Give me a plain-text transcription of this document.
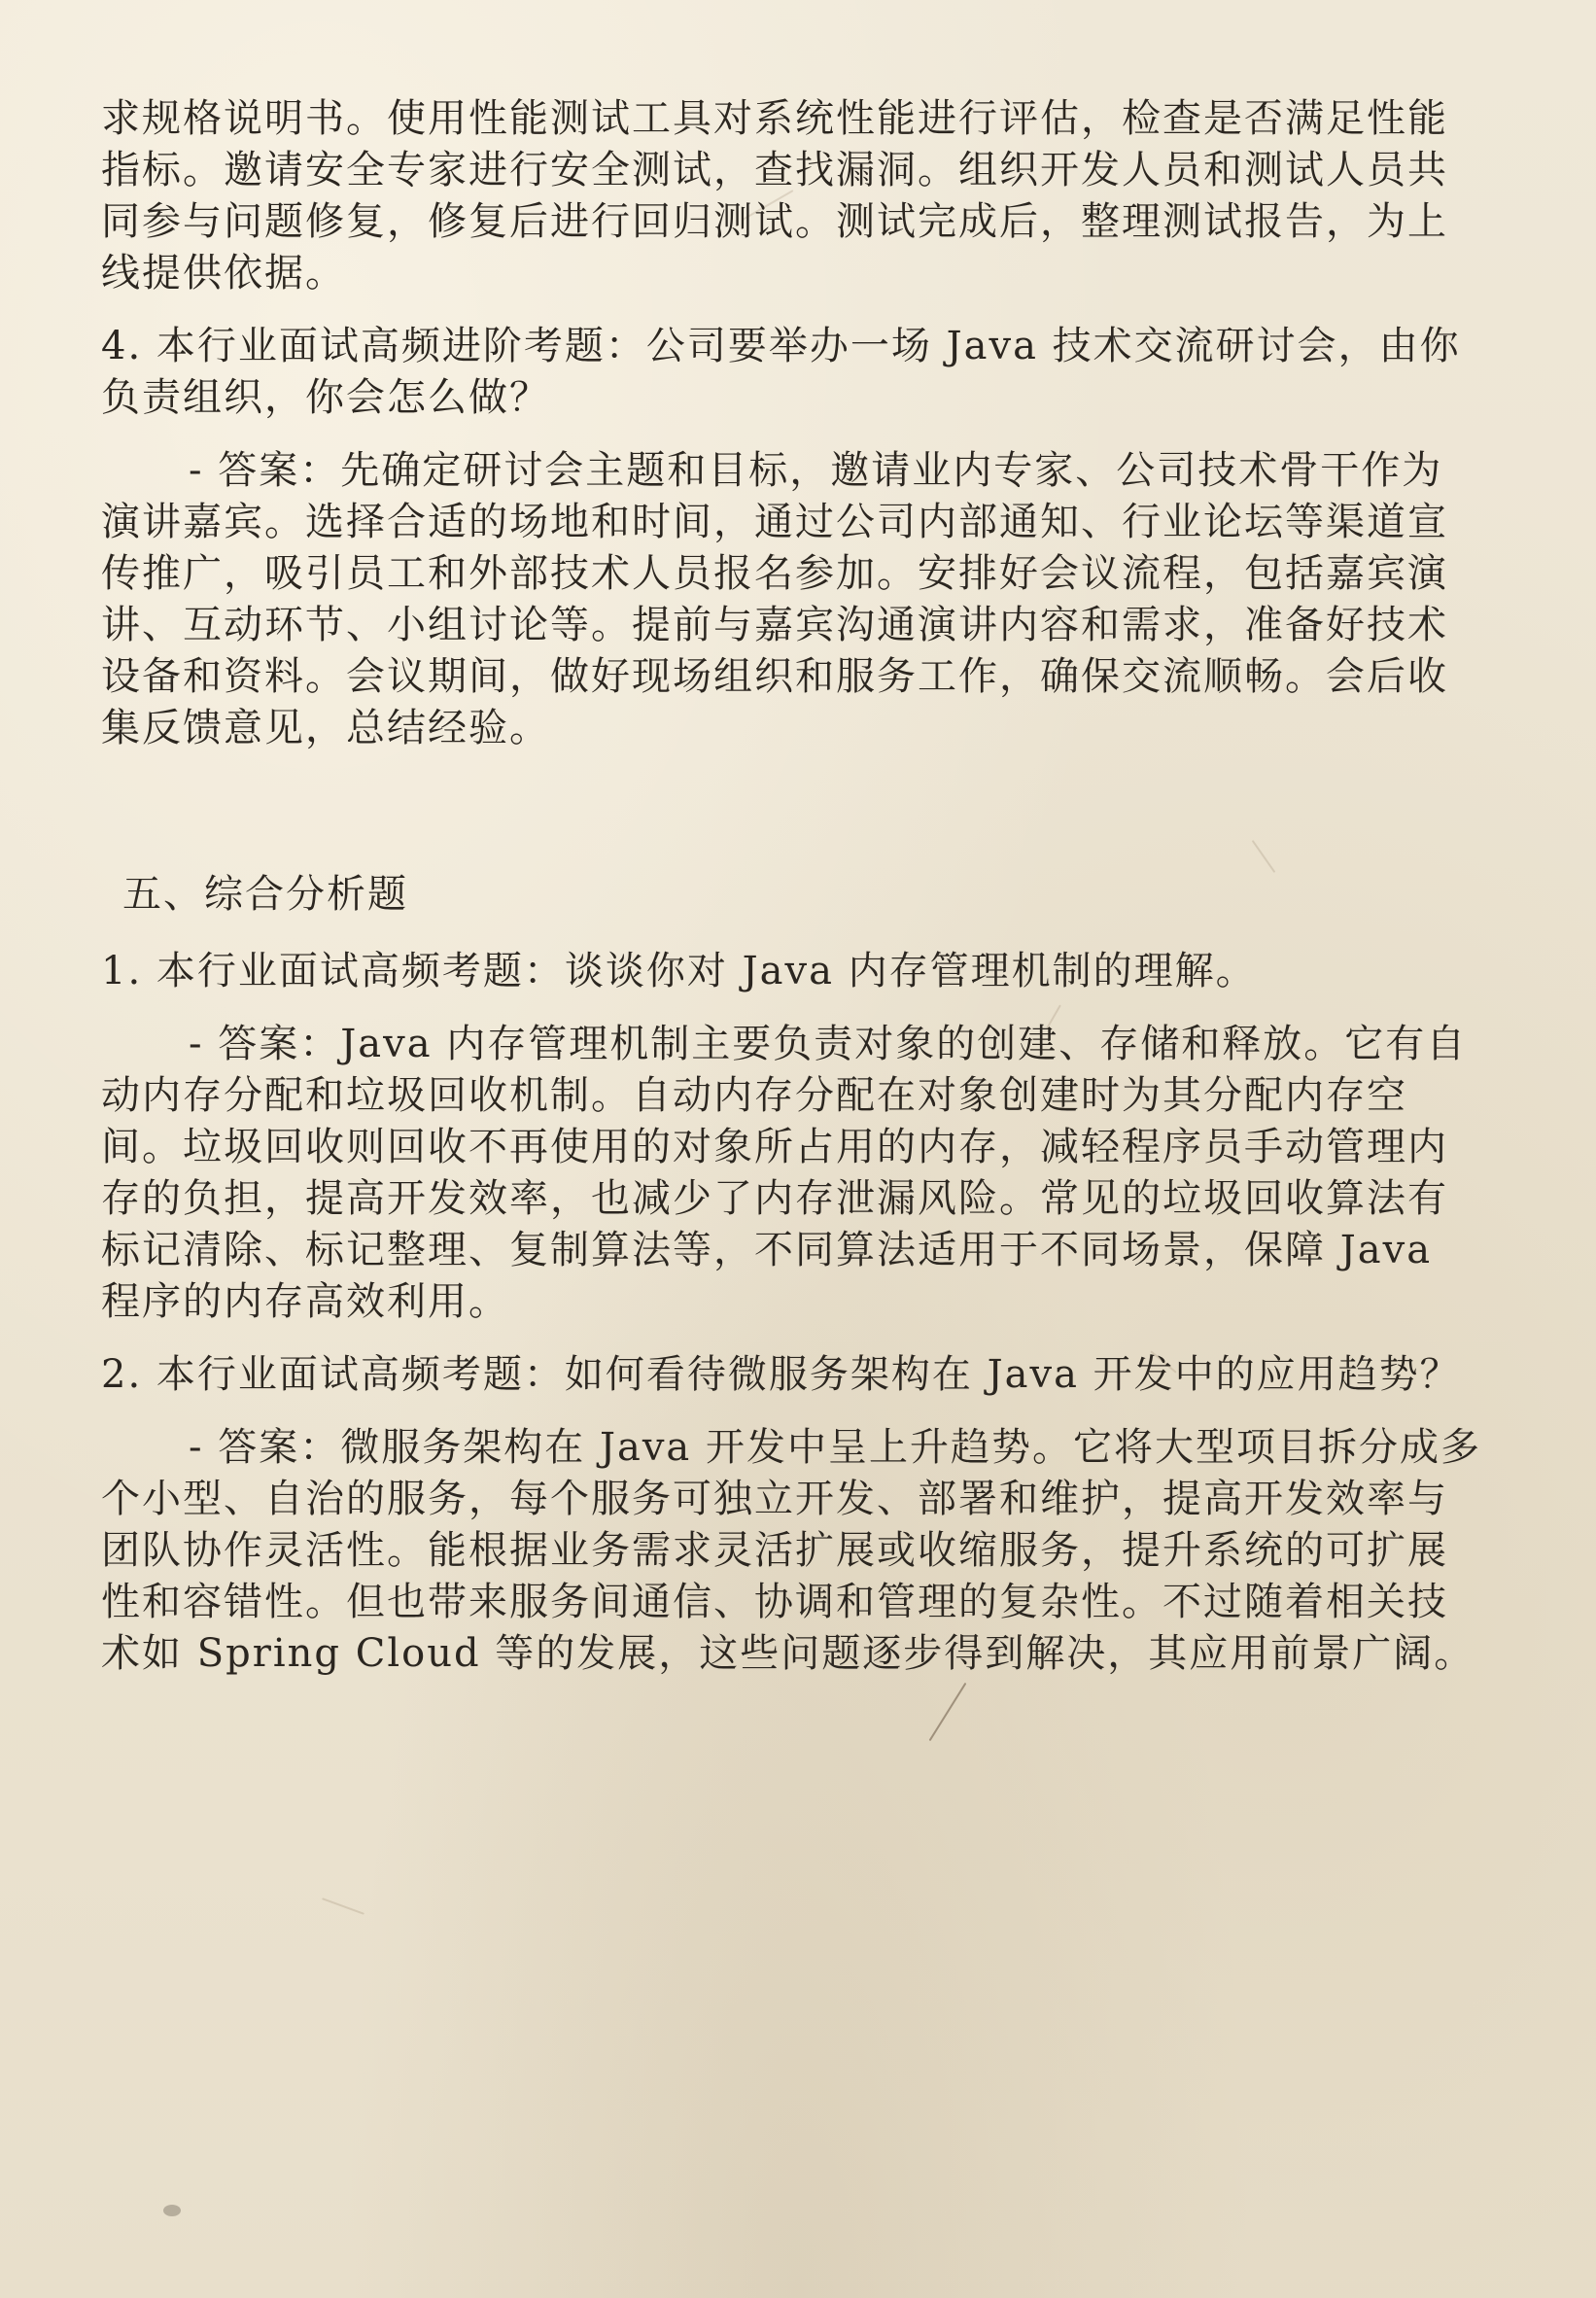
求规格说明书。使用性能测试工具对系统性能进行评估，检查是否满足性能指标。邀请安全专家进行安全测试，查找漏洞。组织开发人员和测试人员共同参与问题修复，修复后进行回归测试。测试完成后，整理测试报告，为上线提供依据。

4. 本行业面试高频进阶考题：公司要举办一场 Java 技术交流研讨会，由你负责组织，你会怎么做？

- 答案：先确定研讨会主题和目标，邀请业内专家、公司技术骨干作为演讲嘉宾。选择合适的场地和时间，通过公司内部通知、行业论坛等渠道宣传推广，吸引员工和外部技术人员报名参加。安排好会议流程，包括嘉宾演讲、互动环节、小组讨论等。提前与嘉宾沟通演讲内容和需求，准备好技术设备和资料。会议期间，做好现场组织和服务工作，确保交流顺畅。会后收集反馈意见，总结经验。

五、综合分析题

1. 本行业面试高频考题：谈谈你对 Java 内存管理机制的理解。

- 答案：Java 内存管理机制主要负责对象的创建、存储和释放。它有自动内存分配和垃圾回收机制。自动内存分配在对象创建时为其分配内存空间。垃圾回收则回收不再使用的对象所占用的内存，减轻程序员手动管理内存的负担，提高开发效率，也减少了内存泄漏风险。常见的垃圾回收算法有标记清除、标记整理、复制算法等，不同算法适用于不同场景，保障 Java 程序的内存高效利用。

2. 本行业面试高频考题：如何看待微服务架构在 Java 开发中的应用趋势？

- 答案：微服务架构在 Java 开发中呈上升趋势。它将大型项目拆分成多个小型、自治的服务，每个服务可独立开发、部署和维护，提高开发效率与团队协作灵活性。能根据业务需求灵活扩展或收缩服务，提升系统的可扩展性和容错性。但也带来服务间通信、协调和管理的复杂性。不过随着相关技术如 Spring Cloud 等的发展，这些问题逐步得到解决，其应用前景广阔。
